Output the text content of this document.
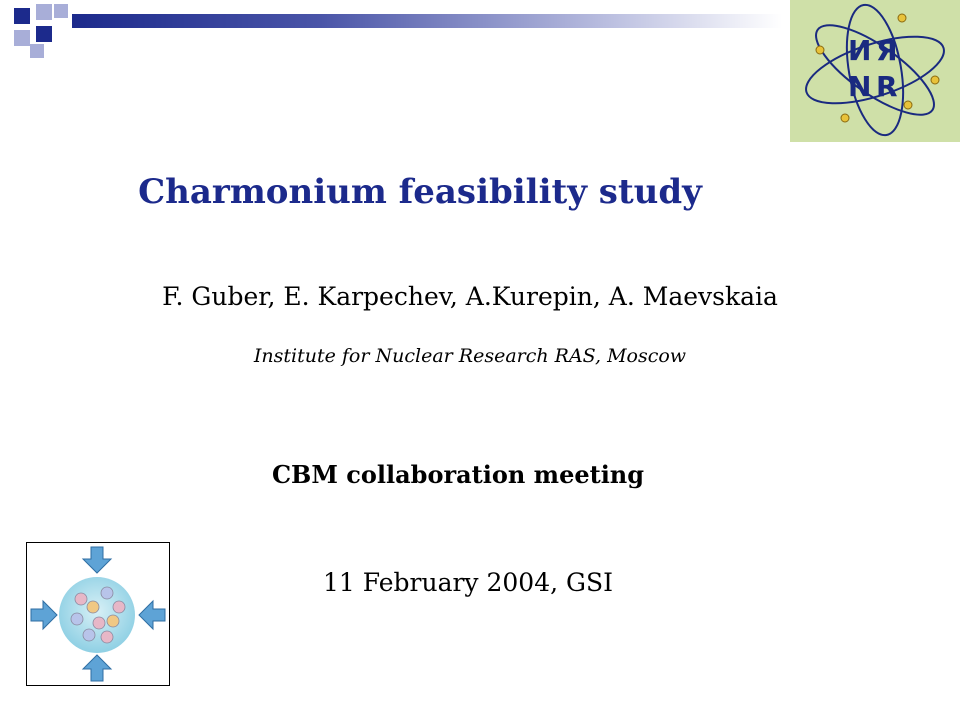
И Я
N R
Charmonium feasibility study
F. Guber, E. Karpechev, A.Kurepin, A. Maevskaia
Institute for Nuclear Research RAS, Moscow
CBM collaboration meeting
11 February 2004, GSI
